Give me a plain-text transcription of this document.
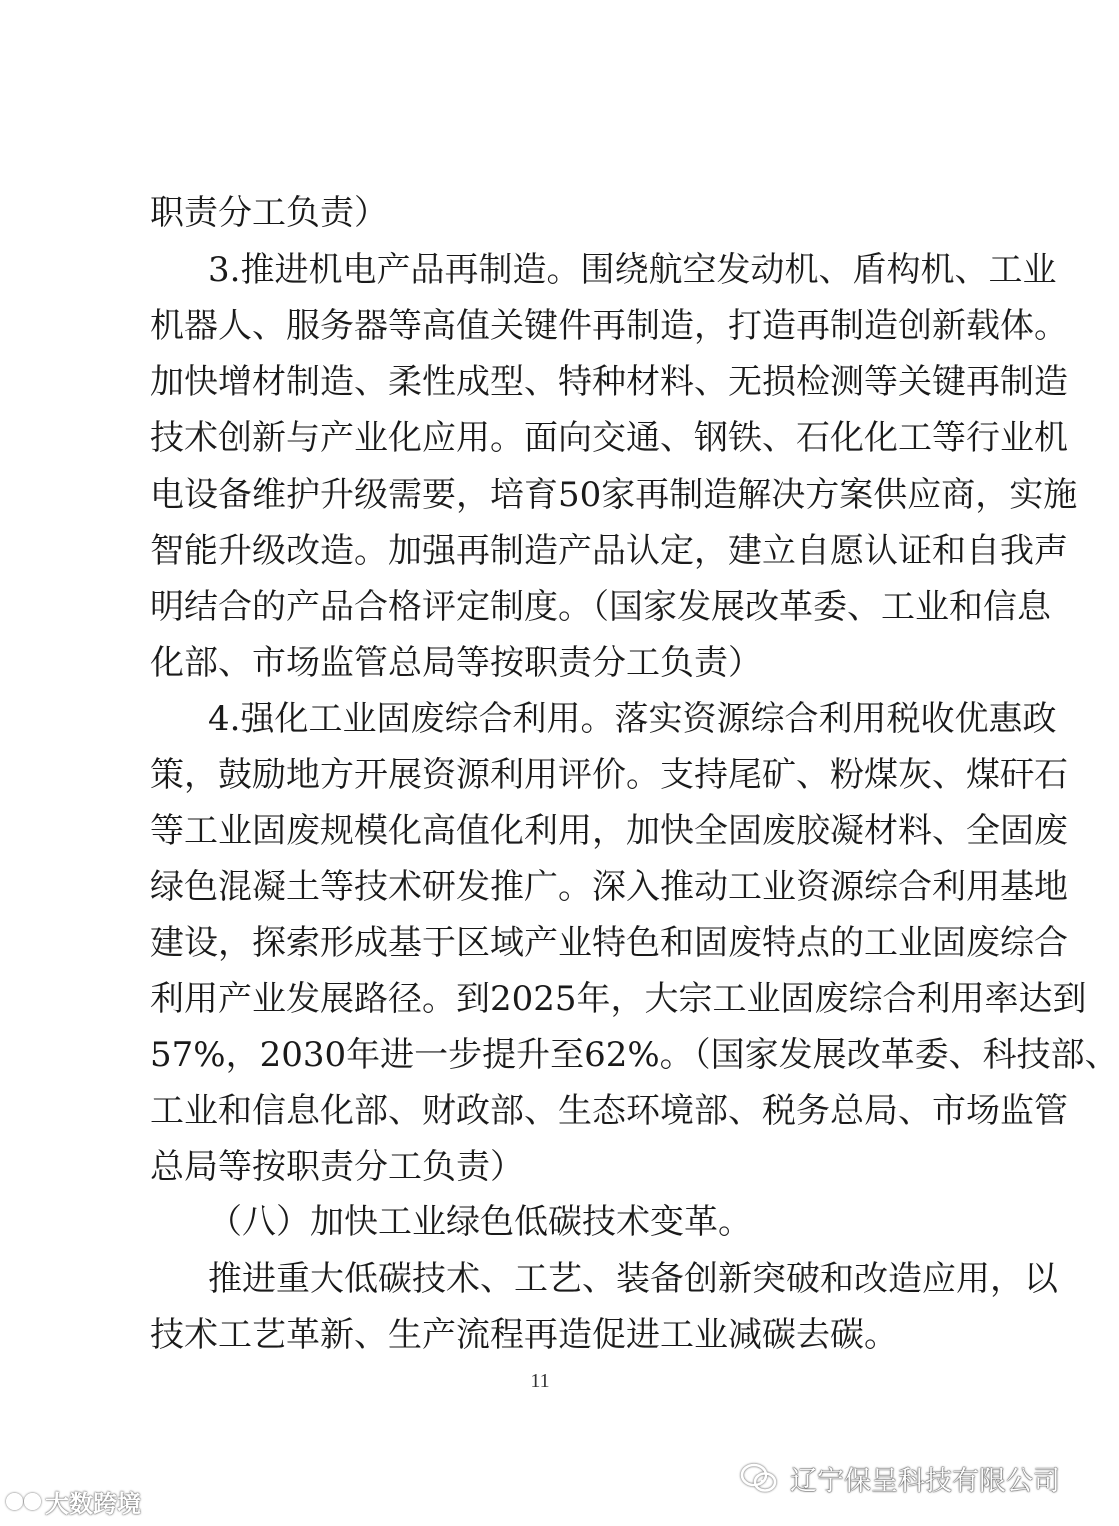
职责分工负责）
3.推进机电产品再制造。围绕航空发动机、盾构机、工业
机器人、服务器等高值关键件再制造，打造再制造创新载体。
加快增材制造、柔性成型、特种材料、无损检测等关键再制造
技术创新与产业化应用。面向交通、钢铁、石化化工等行业机
电设备维护升级需要，培育50家再制造解决方案供应商，实施
智能升级改造。加强再制造产品认定，建立自愿认证和自我声
明结合的产品合格评定制度。（国家发展改革委、工业和信息
化部、市场监管总局等按职责分工负责）
4.强化工业固废综合利用。落实资源综合利用税收优惠政
策，鼓励地方开展资源利用评价。支持尾矿、粉煤灰、煤矸石
等工业固废规模化高值化利用，加快全固废胶凝材料、全固废
绿色混凝土等技术研发推广。深入推动工业资源综合利用基地
建设，探索形成基于区域产业特色和固废特点的工业固废综合
利用产业发展路径。到2025年，大宗工业固废综合利用率达到
57%，2030年进一步提升至62%。（国家发展改革委、科技部、
工业和信息化部、财政部、生态环境部、税务总局、市场监管
总局等按职责分工负责）
（八）加快工业绿色低碳技术变革。
推进重大低碳技术、工艺、装备创新突破和改造应用，以
技术工艺革新、生产流程再造促进工业减碳去碳。
11
辽宁保呈科技有限公司
大数跨境
